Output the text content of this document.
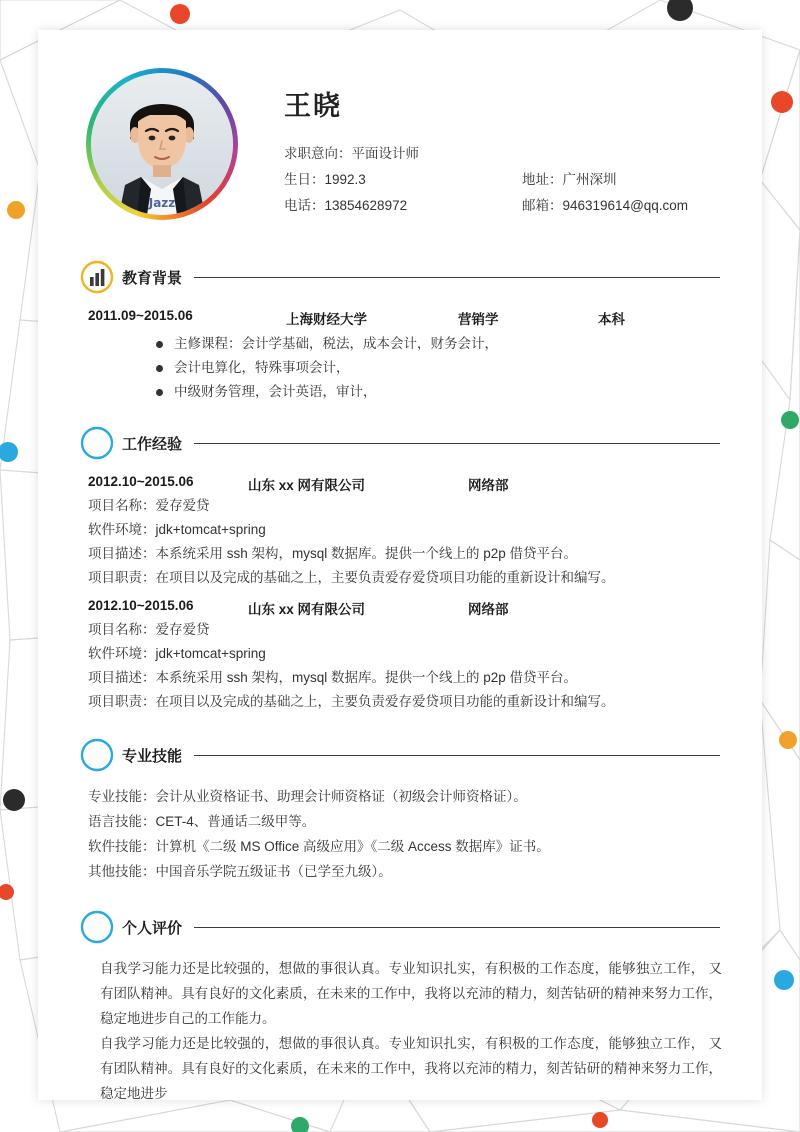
Jazz
王晓
求职意向：平面设计师
生日：1992.3	地址：广州深圳
电话：13854628972	邮箱：946319614@qq.com
教育背景
2011.09~2015.06	上海财经大学	营销学	本科
主修课程：会计学基础，税法，成本会计，财务会计，
会计电算化，特殊事项会计，
中级财务管理，会计英语，审计，
工作经验
2012.10~2015.06	山东 xx 网有限公司	网络部
项目名称：爱存爱贷
软件环境：jdk+tomcat+spring
项目描述：本系统采用 ssh 架构，mysql 数据库。提供一个线上的 p2p 借贷平台。
项目职责：在项目以及完成的基础之上，主要负责爱存爱贷项目功能的重新设计和编写。
2012.10~2015.06	山东 xx 网有限公司	网络部
项目名称：爱存爱贷
软件环境：jdk+tomcat+spring
项目描述：本系统采用 ssh 架构，mysql 数据库。提供一个线上的 p2p 借贷平台。
项目职责：在项目以及完成的基础之上，主要负责爱存爱贷项目功能的重新设计和编写。
专业技能
专业技能：会计从业资格证书、助理会计师资格证（初级会计师资格证）。
语言技能：CET-4、普通话二级甲等。
软件技能：计算机《二级 MS Office 高级应用》《二级 Access 数据库》证书。
其他技能：中国音乐学院五级证书（已学至九级）。
个人评价

自我学习能力还是比较强的，想做的事很认真。专业知识扎实，有积极的工作态度，能够独立工作， 又有团队精神。具有良好的文化素质，在未来的工作中，我将以充沛的精力，刻苦钻研的精神来努力工作， 稳定地进步自己的工作能力。

自我学习能力还是比较强的，想做的事很认真。专业知识扎实，有积极的工作态度，能够独立工作， 又有团队精神。具有良好的文化素质，在未来的工作中，我将以充沛的精力，刻苦钻研的精神来努力工作， 稳定地进步
